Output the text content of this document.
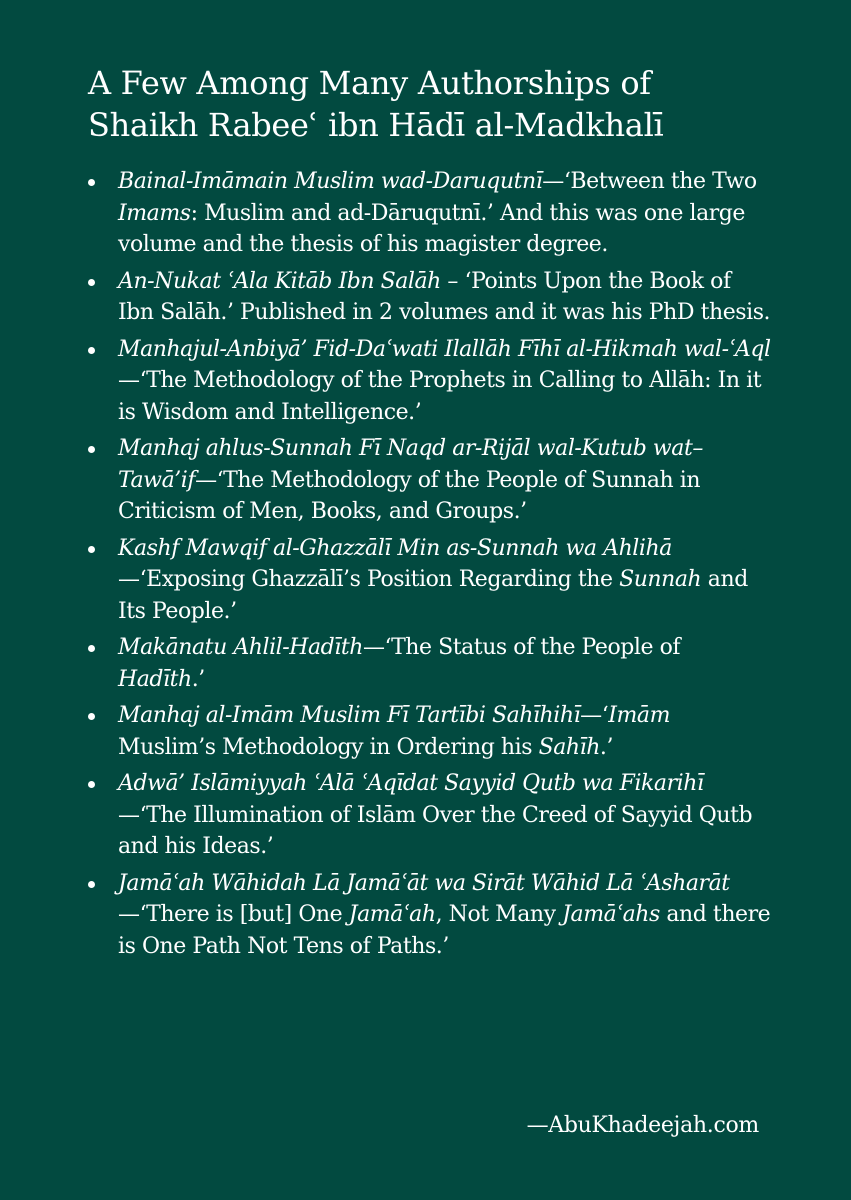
A Few Among Many Authorships of
Shaikh Rabeeʿ ibn Hādī al-Madkhalī
Bainal-Imāmain Muslim wad-Daruqutnī—‘Between the Two Imams: Muslim and ad-Dāruqutnī.’ And this was one large volume and the thesis of his magister degree.
An-Nukat ʿAla Kitāb Ibn Salāh – ‘Points Upon the Book of Ibn Salāh.’ Published in 2 volumes and it was his PhD thesis.
Manhajul-Anbiyā’ Fid-Daʿwati Ilallāh Fīhī al-Hikmah wal-ʿAql—‘The Methodology of the Prophets in Calling to Allāh: In it is Wisdom and Intelligence.’
Manhaj ahlus-Sunnah Fī Naqd ar-Rijāl wal-Kutub wat–Tawā’if—‘The Methodology of the People of Sunnah in Criticism of Men, Books, and Groups.’
Kashf Mawqif al-Ghazzālī Min as-Sunnah wa Ahlihā—‘Exposing Ghazzālī’s Position Regarding the Sunnah and Its People.’
Makānatu Ahlil-Hadīth—‘The Status of the People of Hadīth.’
Manhaj al-Imām Muslim Fī Tartībi Sahīhihī—‘Imām Muslim’s Methodology in Ordering his Sahīh.’
Adwā’ Islāmiyyah ʿAlā ʿAqīdat Sayyid Qutb wa Fikarihī—‘The Illumination of Islām Over the Creed of Sayyid Qutb and his Ideas.’
Jamāʿah Wāhidah Lā Jamāʿāt wa Sirāt Wāhid Lā ʿAsharāt—‘There is [but] One Jamāʿah, Not Many Jamāʿahs and there is One Path Not Tens of Paths.’
—AbuKhadeejah.com
